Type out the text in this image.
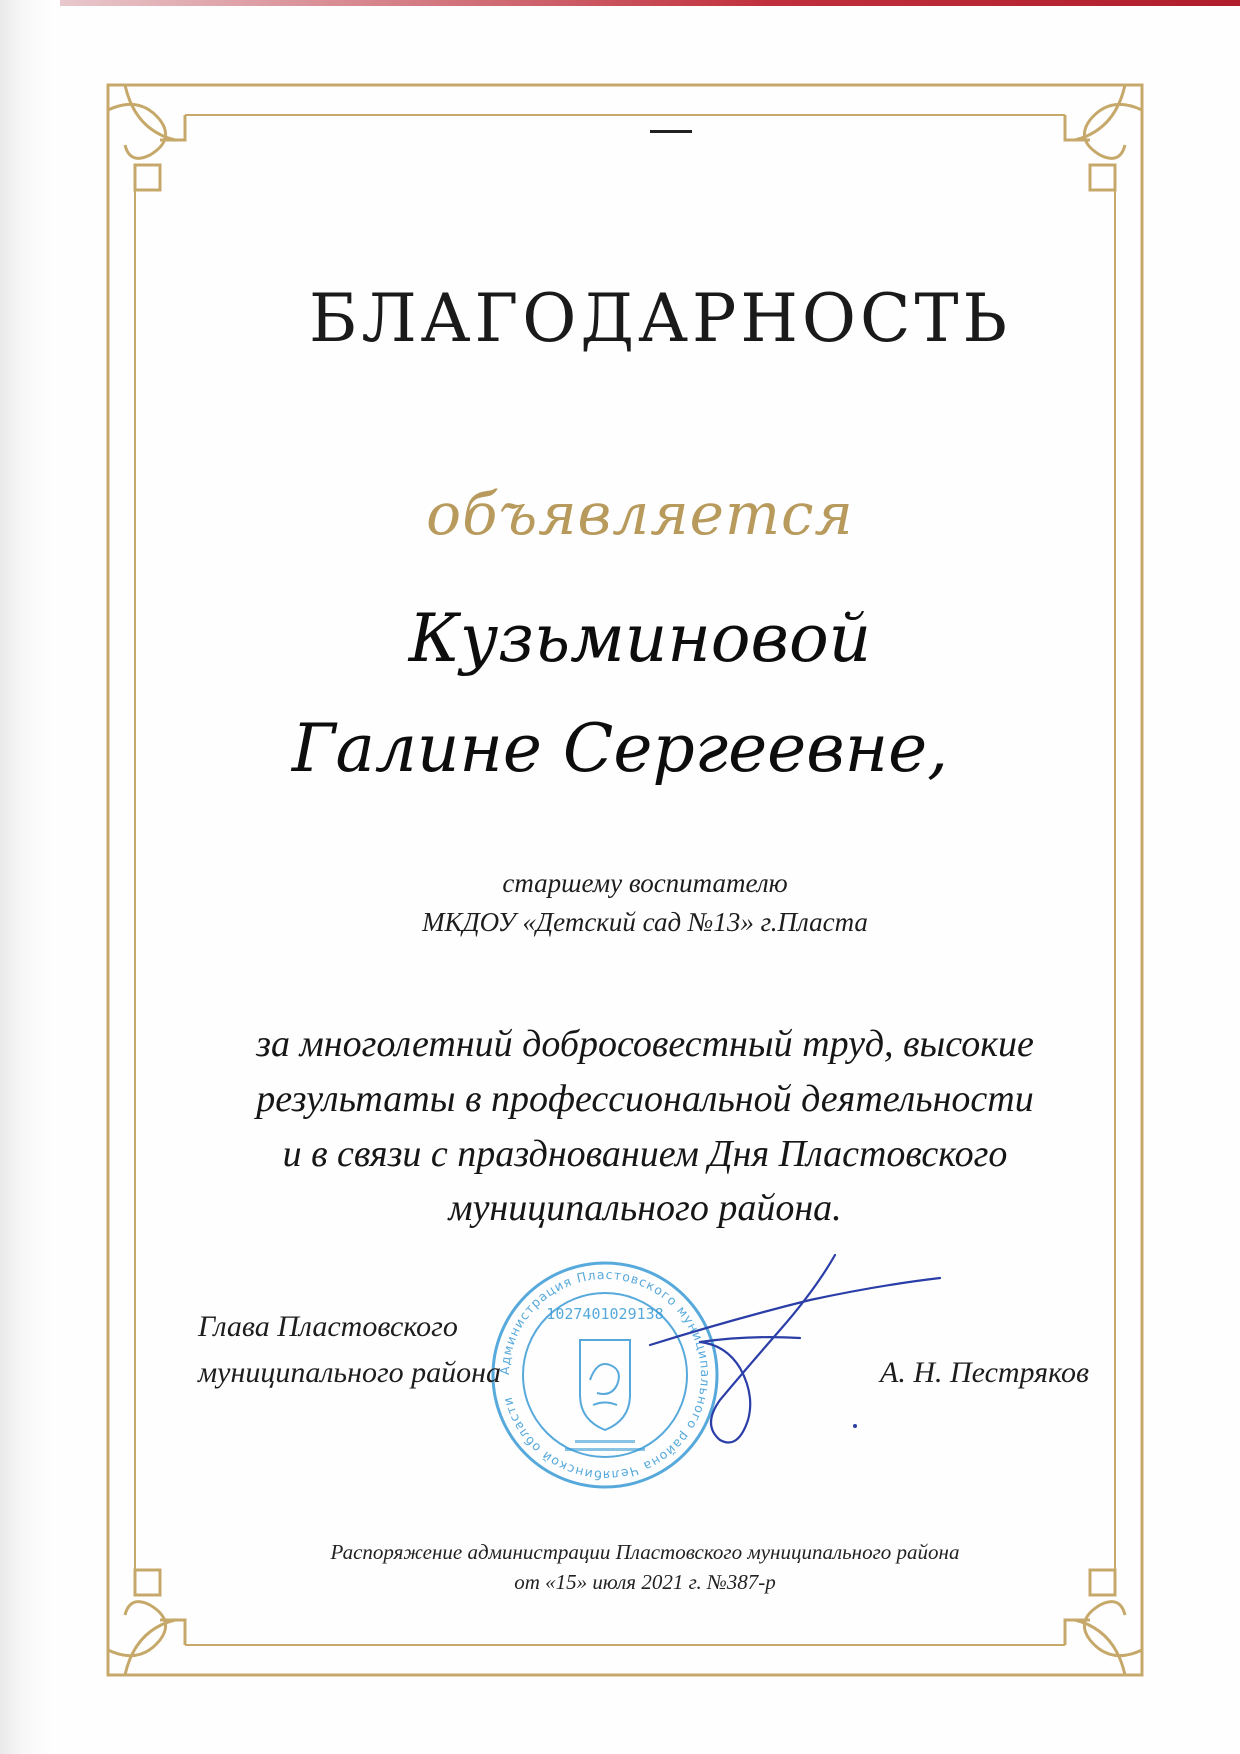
БЛАГОДАРНОСТЬ
объявляется
Кузьминовой
Галине Сергеевне,
старшему воспитателю
МКДОУ «Детский сад №13» г.Пласта
за многолетний добросовестный труд, высокие
результаты в профессиональной деятельности
и в связи с празднованием Дня Пластовского
муниципального района.
Администрация Пластовского муниципального района Челябинской области
1027401029138
Глава Пластовского
муниципального района	А. Н. Пестряков
Распоряжение администрации Пластовского муниципального района
от «15» июля 2021 г. №387-р
